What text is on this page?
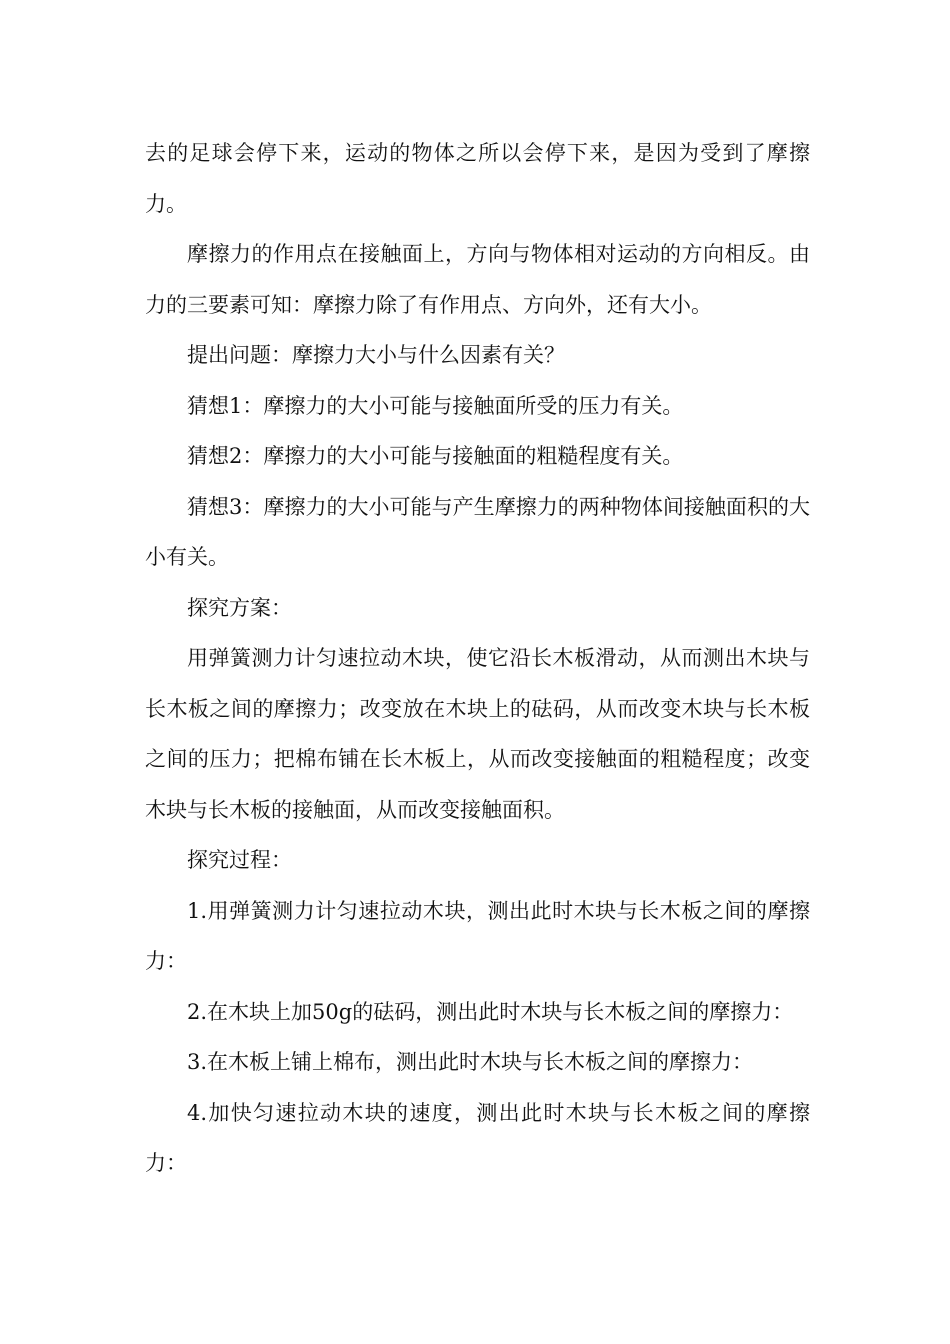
去的足球会停下来，运动的物体之所以会停下来，是因为受到了摩擦力。

摩擦力的作用点在接触面上，方向与物体相对运动的方向相反。由力的三要素可知：摩擦力除了有作用点、方向外，还有大小。

提出问题：摩擦力大小与什么因素有关？

猜想1：摩擦力的大小可能与接触面所受的压力有关。

猜想2：摩擦力的大小可能与接触面的粗糙程度有关。

猜想3：摩擦力的大小可能与产生摩擦力的两种物体间接触面积的大小有关。

探究方案：

用弹簧测力计匀速拉动木块，使它沿长木板滑动，从而测出木块与长木板之间的摩擦力；改变放在木块上的砝码，从而改变木块与长木板之间的压力；把棉布铺在长木板上，从而改变接触面的粗糙程度；改变木块与长木板的接触面，从而改变接触面积。

探究过程：

1.用弹簧测力计匀速拉动木块，测出此时木块与长木板之间的摩擦力：

2.在木块上加50g的砝码，测出此时木块与长木板之间的摩擦力：

3.在木板上铺上棉布，测出此时木块与长木板之间的摩擦力：

4.加快匀速拉动木块的速度，测出此时木块与长木板之间的摩擦力：
